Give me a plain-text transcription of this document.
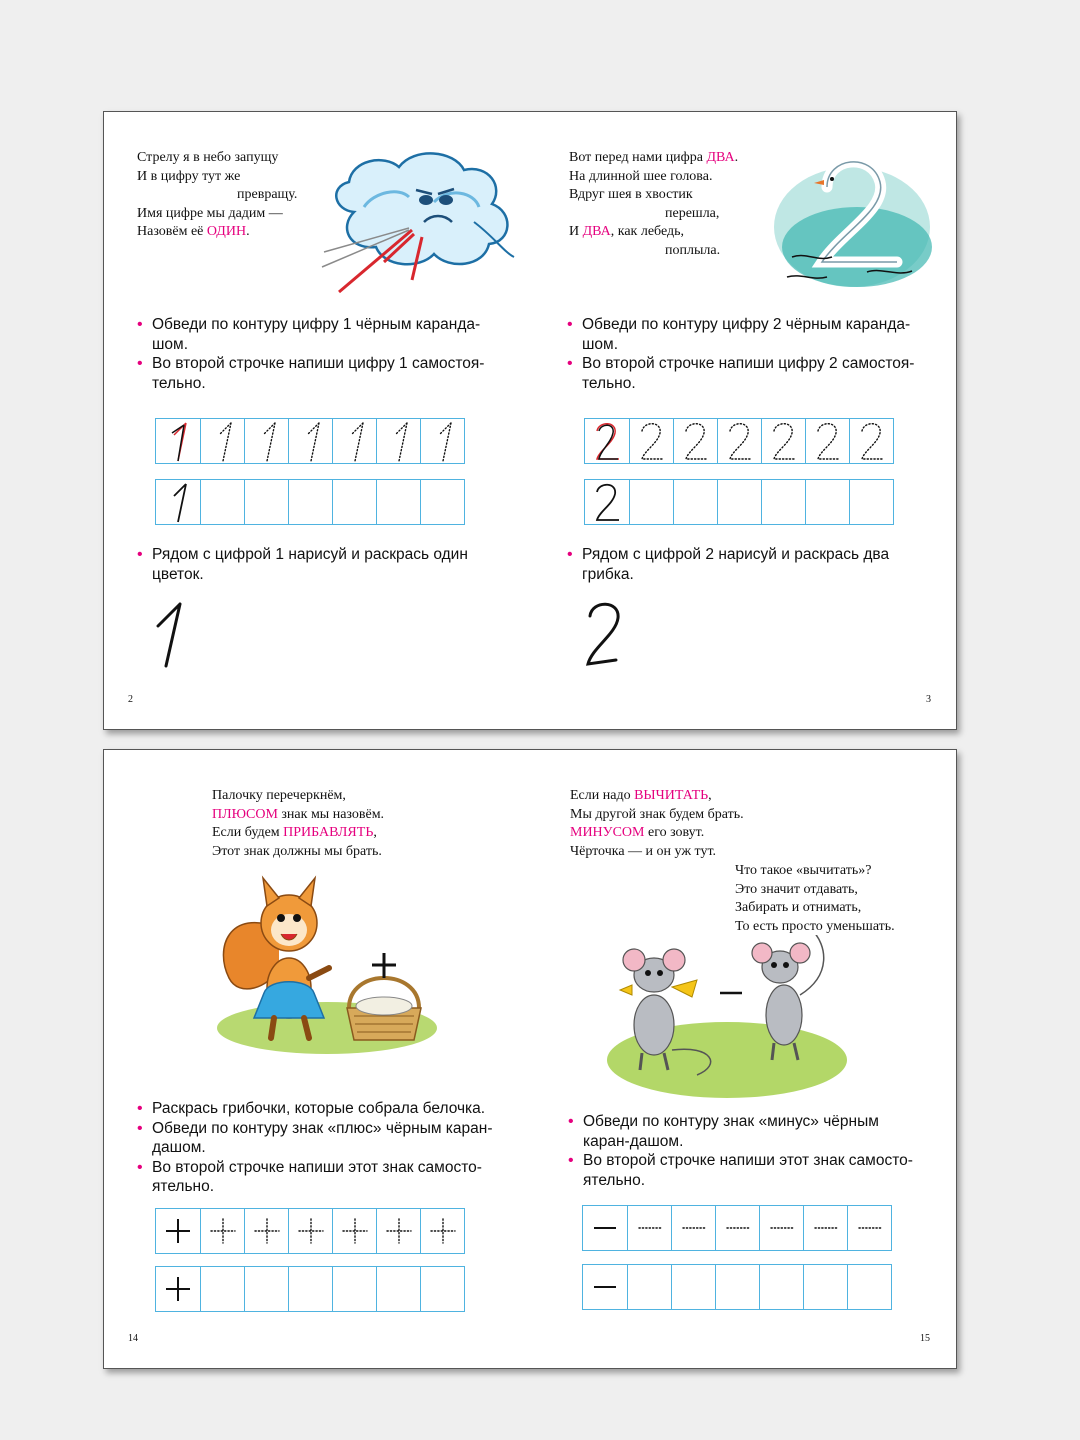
Стрелу я в небо запущу
И в цифру тут же
превращу.
Имя цифре мы дадим —
Назовём её ОДИН.
• Обведи по контуру цифру 1 чёрным каранда-шом.
• Во второй строчке напиши цифру 1 самостоя-тельно.
• Рядом с цифрой 1 нарисуй и раскрась один цветок.
2
Вот перед нами цифра ДВА.
На длинной шее голова.
Вдруг шея в хвостик
перешла,
И ДВА, как лебедь,
поплыла.
• Обведи по контуру цифру 2 чёрным каранда-шом.
• Во второй строчке напиши цифру 2 самостоя-тельно.
• Рядом с цифрой 2 нарисуй и раскрась два грибка.
3
Палочку перечеркнём,
ПЛЮСОМ знак мы назовём.
Если будем ПРИБАВЛЯТЬ,
Этот знак должны мы брать.
• Раскрась грибочки, которые собрала белочка.
• Обведи по контуру знак «плюс» чёрным каран-дашом.
• Во второй строчке напиши этот знак самосто-ятельно.
14
Если надо ВЫЧИТАТЬ,
Мы другой знак будем брать.
МИНУСОМ его зовут.
Чёрточка — и он уж тут.
Что такое «вычитать»?
Это значит отдавать,
Забирать и отнимать,
То есть просто уменьшать.
• Обведи по контуру знак «минус» чёрным каран-дашом.
• Во второй строчке напиши этот знак самосто-ятельно.
15
